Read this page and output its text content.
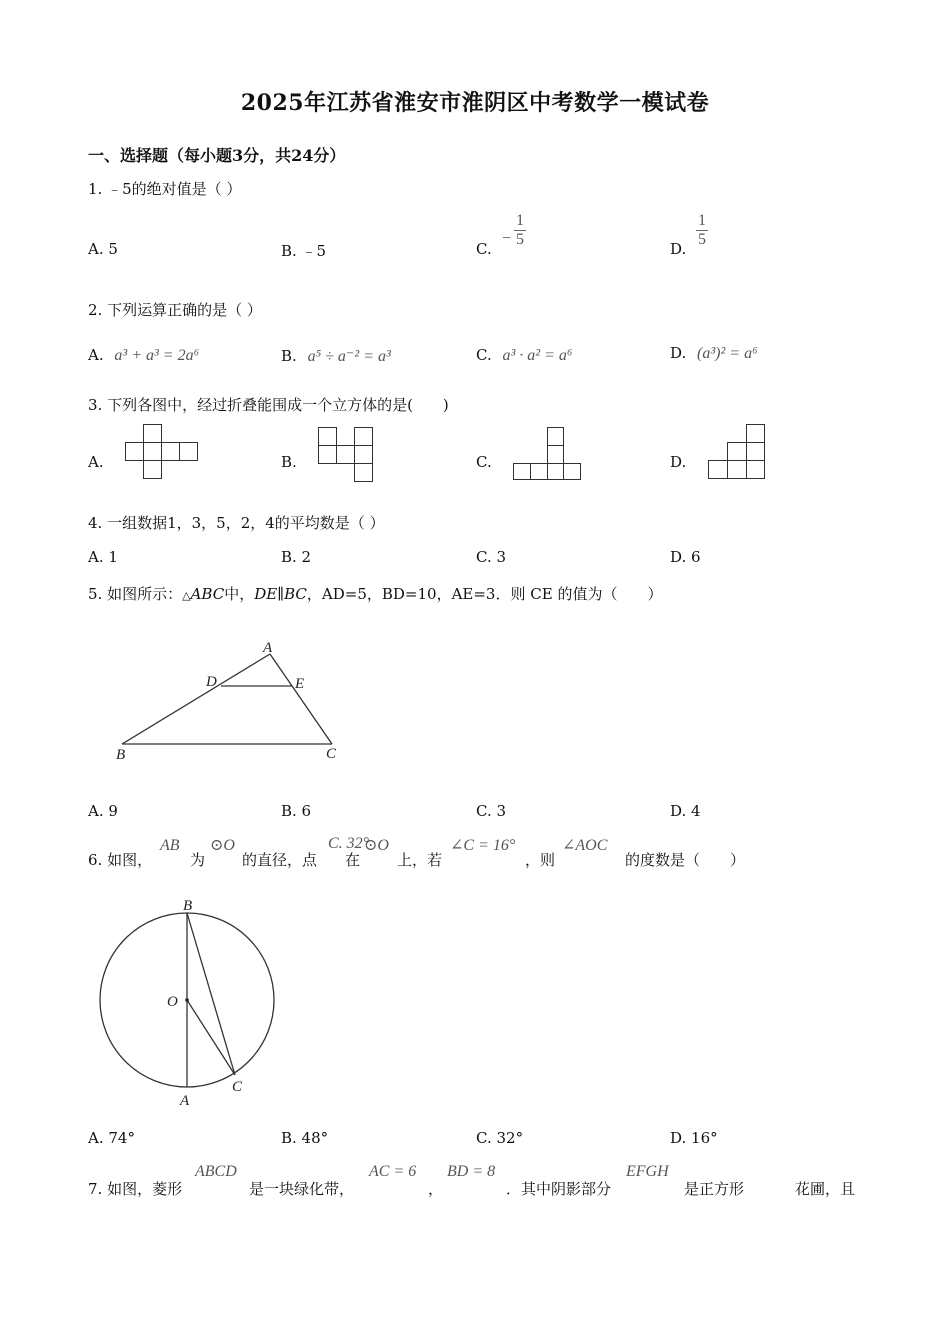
2025年江苏省淮安市淮阴区中考数学一模试卷
一、选择题（每小题3分，共24分）
1. ﹣5的绝对值是（ ）
A. 5	B. ﹣5	C.
−
1
5
D. $\frac{1}{5}$
2. 下列运算正确的是（ ）
A. a³ + a³ = 2a⁶	B. a⁵ ÷ a⁻² = a³	C. a³ · a² = a⁶	D. (a³)² = a⁶
3. 下列各图中，经过折叠能围成一个立方体的是(　　)
A.	B.	C.	D.
4. 一组数据1，3，5，2，4的平均数是（ ）
A. 1	B. 2	C. 3	D. 6
5. 如图所示：△ABC中，DE∥BC，AD=5，BD=10，AE=3．则 CE 的值为（　　）
A
B	C
D	E
A. 9	B. 6	C. 3	D. 4
6. 如图，
AB
为
⊙O
的直径，点
C. 32°
在
⊙O
上，若
∠C = 16°
，则
∠AOC
的度数是（　　）
B
O
C
A
A. 74°	B. 48°	C. 32°	D. 16°
7. 如图，菱形
ABCD
是一块绿化带，
AC = 6
，
BD = 8
．其中阴影部分
EFGH
是正方形	花圃，且
